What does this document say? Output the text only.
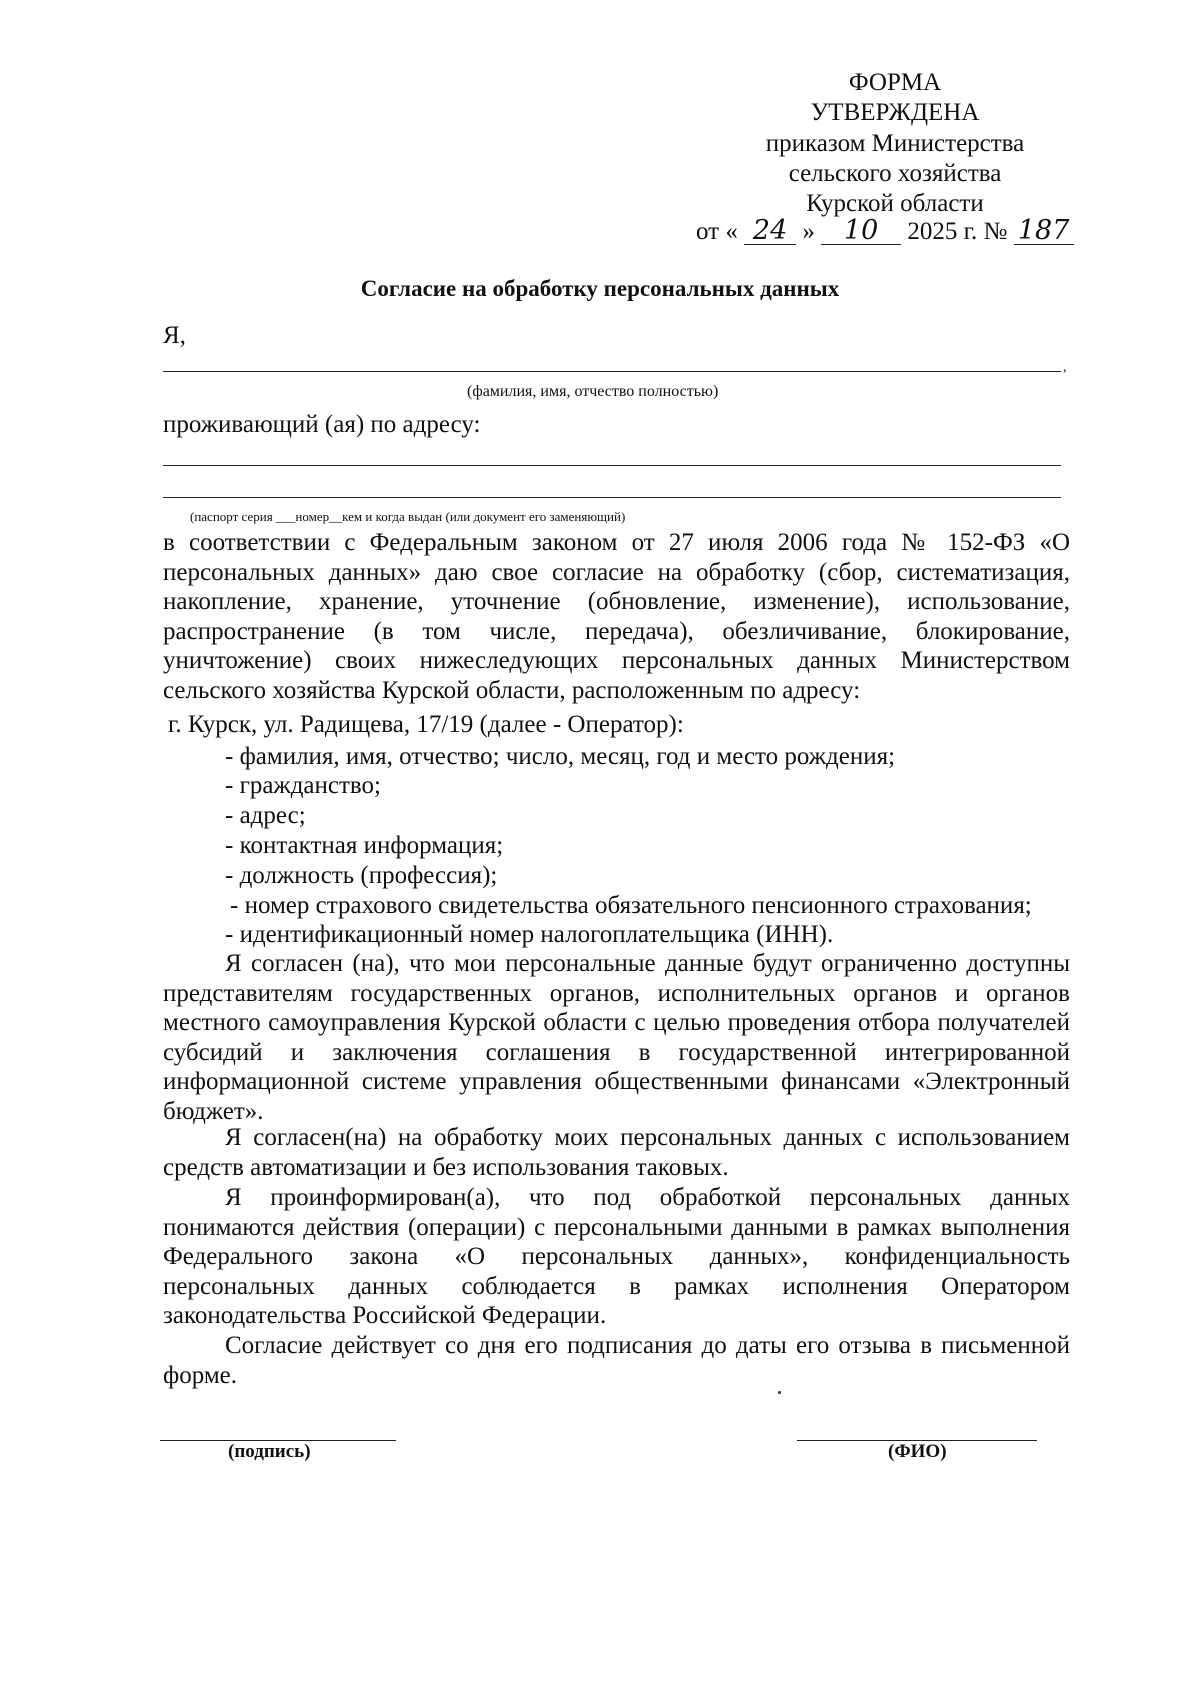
ФОРМА
УТВЕРЖДЕНА
приказом Министерства
сельского хозяйства
Курской области
от « 24 » 10 2025 г. № 187
Согласие на обработку персональных данных
Я,
,
(фамилия, имя, отчество полностью)
проживающий (ая) по адресу:
(паспорт серия ___номер__кем и когда выдан (или документ его заменяющий)

в соответствии с Федеральным законом от 27 июля 2006 года № 152-ФЗ «О персональных данных» даю свое согласие на обработку (сбор, систематизация, накопление, хранение, уточнение (обновление, изменение), использование, распространение (в том числе, передача), обезличивание, блокирование, уничтожение) своих нижеследующих персональных данных Министерством сельского хозяйства Курской области, расположенным по адресу:

г. Курск, ул. Радищева, 17/19 (далее - Оператор):
- фамилия, имя, отчество; число, месяц, год и место рождения;
- гражданство;
- адрес;
- контактная информация;
- должность (профессия);
- номер страхового свидетельства обязательного пенсионного страхования;
- идентификационный номер налогоплательщика (ИНН).

Я согласен (на), что мои персональные данные будут ограниченно доступны представителям государственных органов, исполнительных органов и органов местного самоуправления Курской области с целью проведения отбора получателей субсидий и заключения соглашения в государственной интегрированной информационной системе управления общественными финансами «Электронный бюджет».

Я согласен(на) на обработку моих персональных данных с использованием средств автоматизации и без использования таковых.

Я проинформирован(а), что под обработкой персональных данных понимаются действия (операции) с персональными данными в рамках выполнения Федерального закона «О персональных данных», конфиденциальность персональных данных соблюдается в рамках исполнения Оператором законодательства Российской Федерации.

Согласие действует со дня его подписания до даты его отзыва в письменной форме.

(подпись)	(ФИО)
